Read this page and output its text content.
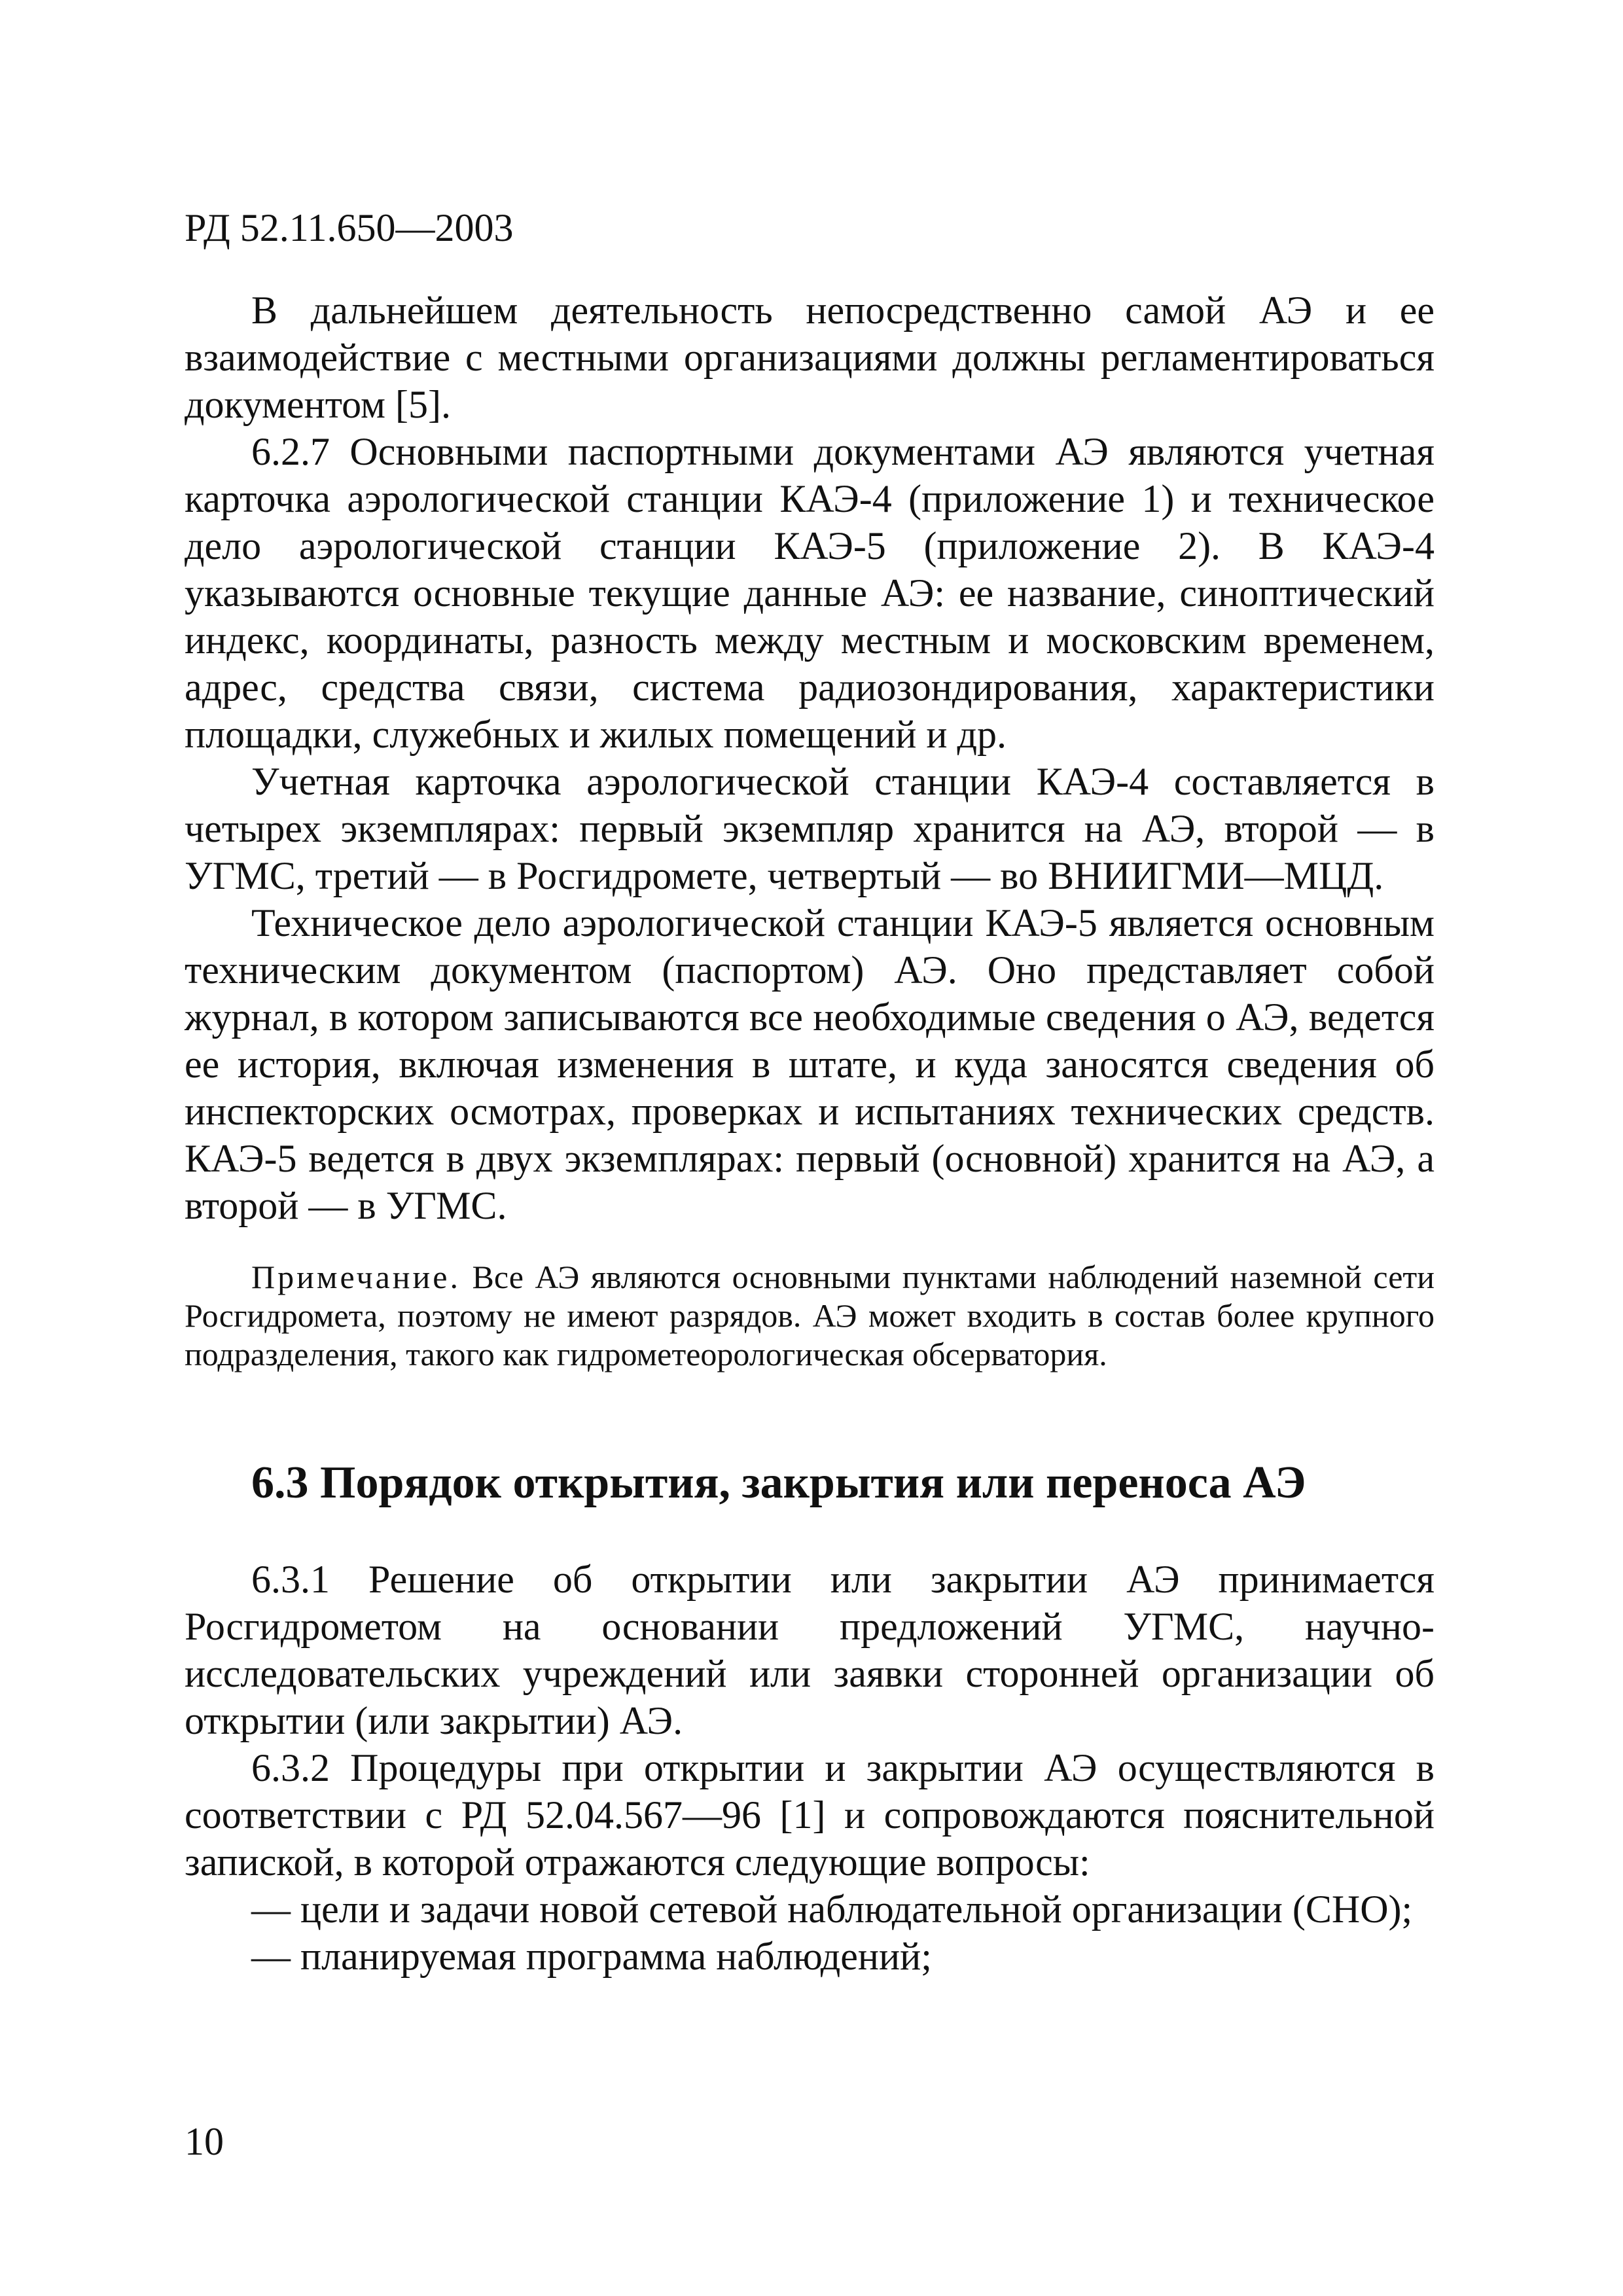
РД 52.11.650—2003

В дальнейшем деятельность непосредственно самой АЭ и ее взаимодействие с местными организациями должны регламентироваться документом [5].

6.2.7 Основными паспортными документами АЭ являются учетная карточка аэрологической станции КАЭ-4 (приложение 1) и техническое дело аэрологической станции КАЭ-5 (приложение 2). В КАЭ-4 указываются основные текущие данные АЭ: ее название, синоптический индекс, координаты, разность между местным и московским временем, адрес, средства связи, система радиозондирования, характеристики площадки, служебных и жилых помещений и др.

Учетная карточка аэрологической станции КАЭ-4 составляется в четырех экземплярах: первый экземпляр хранится на АЭ, второй — в УГМС, третий — в Росгидромете, четвертый — во ВНИИГМИ—МЦД.

Техническое дело аэрологической станции КАЭ-5 является основным техническим документом (паспортом) АЭ. Оно представляет собой журнал, в котором записываются все необходимые сведения о АЭ, ведется ее история, включая изменения в штате, и куда заносятся сведения об инспекторских осмотрах, проверках и испытаниях технических средств. КАЭ-5 ведется в двух экземплярах: первый (основной) хранится на АЭ, а второй — в УГМС.

Примечание. Все АЭ являются основными пунктами наблюдений наземной сети Росгидромета, поэтому не имеют разрядов. АЭ может входить в состав более крупного подразделения, такого как гидрометеорологическая обсерватория.

6.3 Порядок открытия, закрытия или переноса АЭ

6.3.1 Решение об открытии или закрытии АЭ принимается Росгидрометом на основании предложений УГМС, научно-исследовательских учреждений или заявки сторонней организации об открытии (или закрытии) АЭ.

6.3.2 Процедуры при открытии и закрытии АЭ осуществляются в соответствии с РД 52.04.567—96 [1] и сопровождаются пояснительной запиской, в которой отражаются следующие вопросы:

— цели и задачи новой сетевой наблюдательной организации (СНО);

— планируемая программа наблюдений;

10
